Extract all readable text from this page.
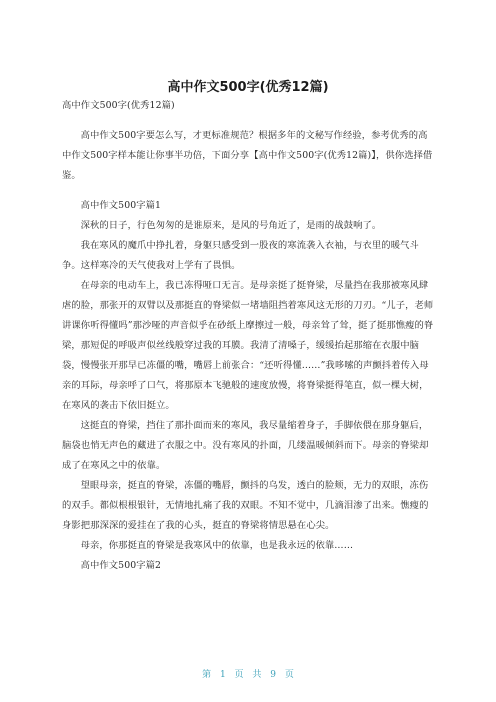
高中作文500字(优秀12篇)

高中作文500字(优秀12篇)

高中作文500字要怎么写，才更标准规范？根据多年的文秘写作经验，参考优秀的高中作文500字样本能让你事半功倍，下面分享【高中作文500字(优秀12篇)】，供你选择借鉴。

高中作文500字篇1

深秋的日子，行色匆匆的是谁原来，是风的号角近了，是雨的战鼓响了。

我在寒风的魔爪中挣扎着，身躯只感受到一股夜的寒流袭入衣袖，与衣里的暖气斗争。这样寒冷的天气使我对上学有了畏惧。

在母亲的电动车上，我已冻得哑口无言。是母亲挺了挺脊梁，尽量挡在我那被寒风肆虐的脸，那张开的双臂以及那挺直的脊梁似一堵墙阻挡着寒风这无形的刀刃。“儿子，老师讲课你听得懂吗”那沙哑的声音似乎在砂纸上摩擦过一般，母亲耸了耸，挺了挺那憔瘦的脊梁，那短促的呼吸声似丝线般穿过我的耳膜。我清了清嗓子，缓缓抬起那缩在衣服中脑袋，慢慢张开那早已冻僵的嘴，嘴唇上前张合：“还听得懂……”我哆嗦的声颤抖着传入母亲的耳际，母亲呼了口气，将那原本飞驰般的速度放慢，将脊梁挺得笔直，似一棵大树，在寒风的袭击下依旧挺立。

这挺直的脊梁，挡住了那扑面而来的寒风，我尽量缩着身子，手脚依偎在那身躯后，脑袋也悄无声色的藏进了衣服之中。没有寒风的扑面，几缕温暖倾斜而下。母亲的脊梁却成了在寒风之中的依靠。

望眼母亲，挺直的脊梁，冻僵的嘴唇，颤抖的乌发，透白的脸颊，无力的双眼，冻伤的双手。都似根根银针，无情地扎痛了我的双眼。不知不觉中，几滴泪渗了出来。憔瘦的身影把那深深的爱挂在了我的心头，挺直的脊梁将情思悬在心尖。

母亲，你那挺直的脊梁是我寒风中的依靠，也是我永远的依靠……

高中作文500字篇2

第 1 页 共 9 页
